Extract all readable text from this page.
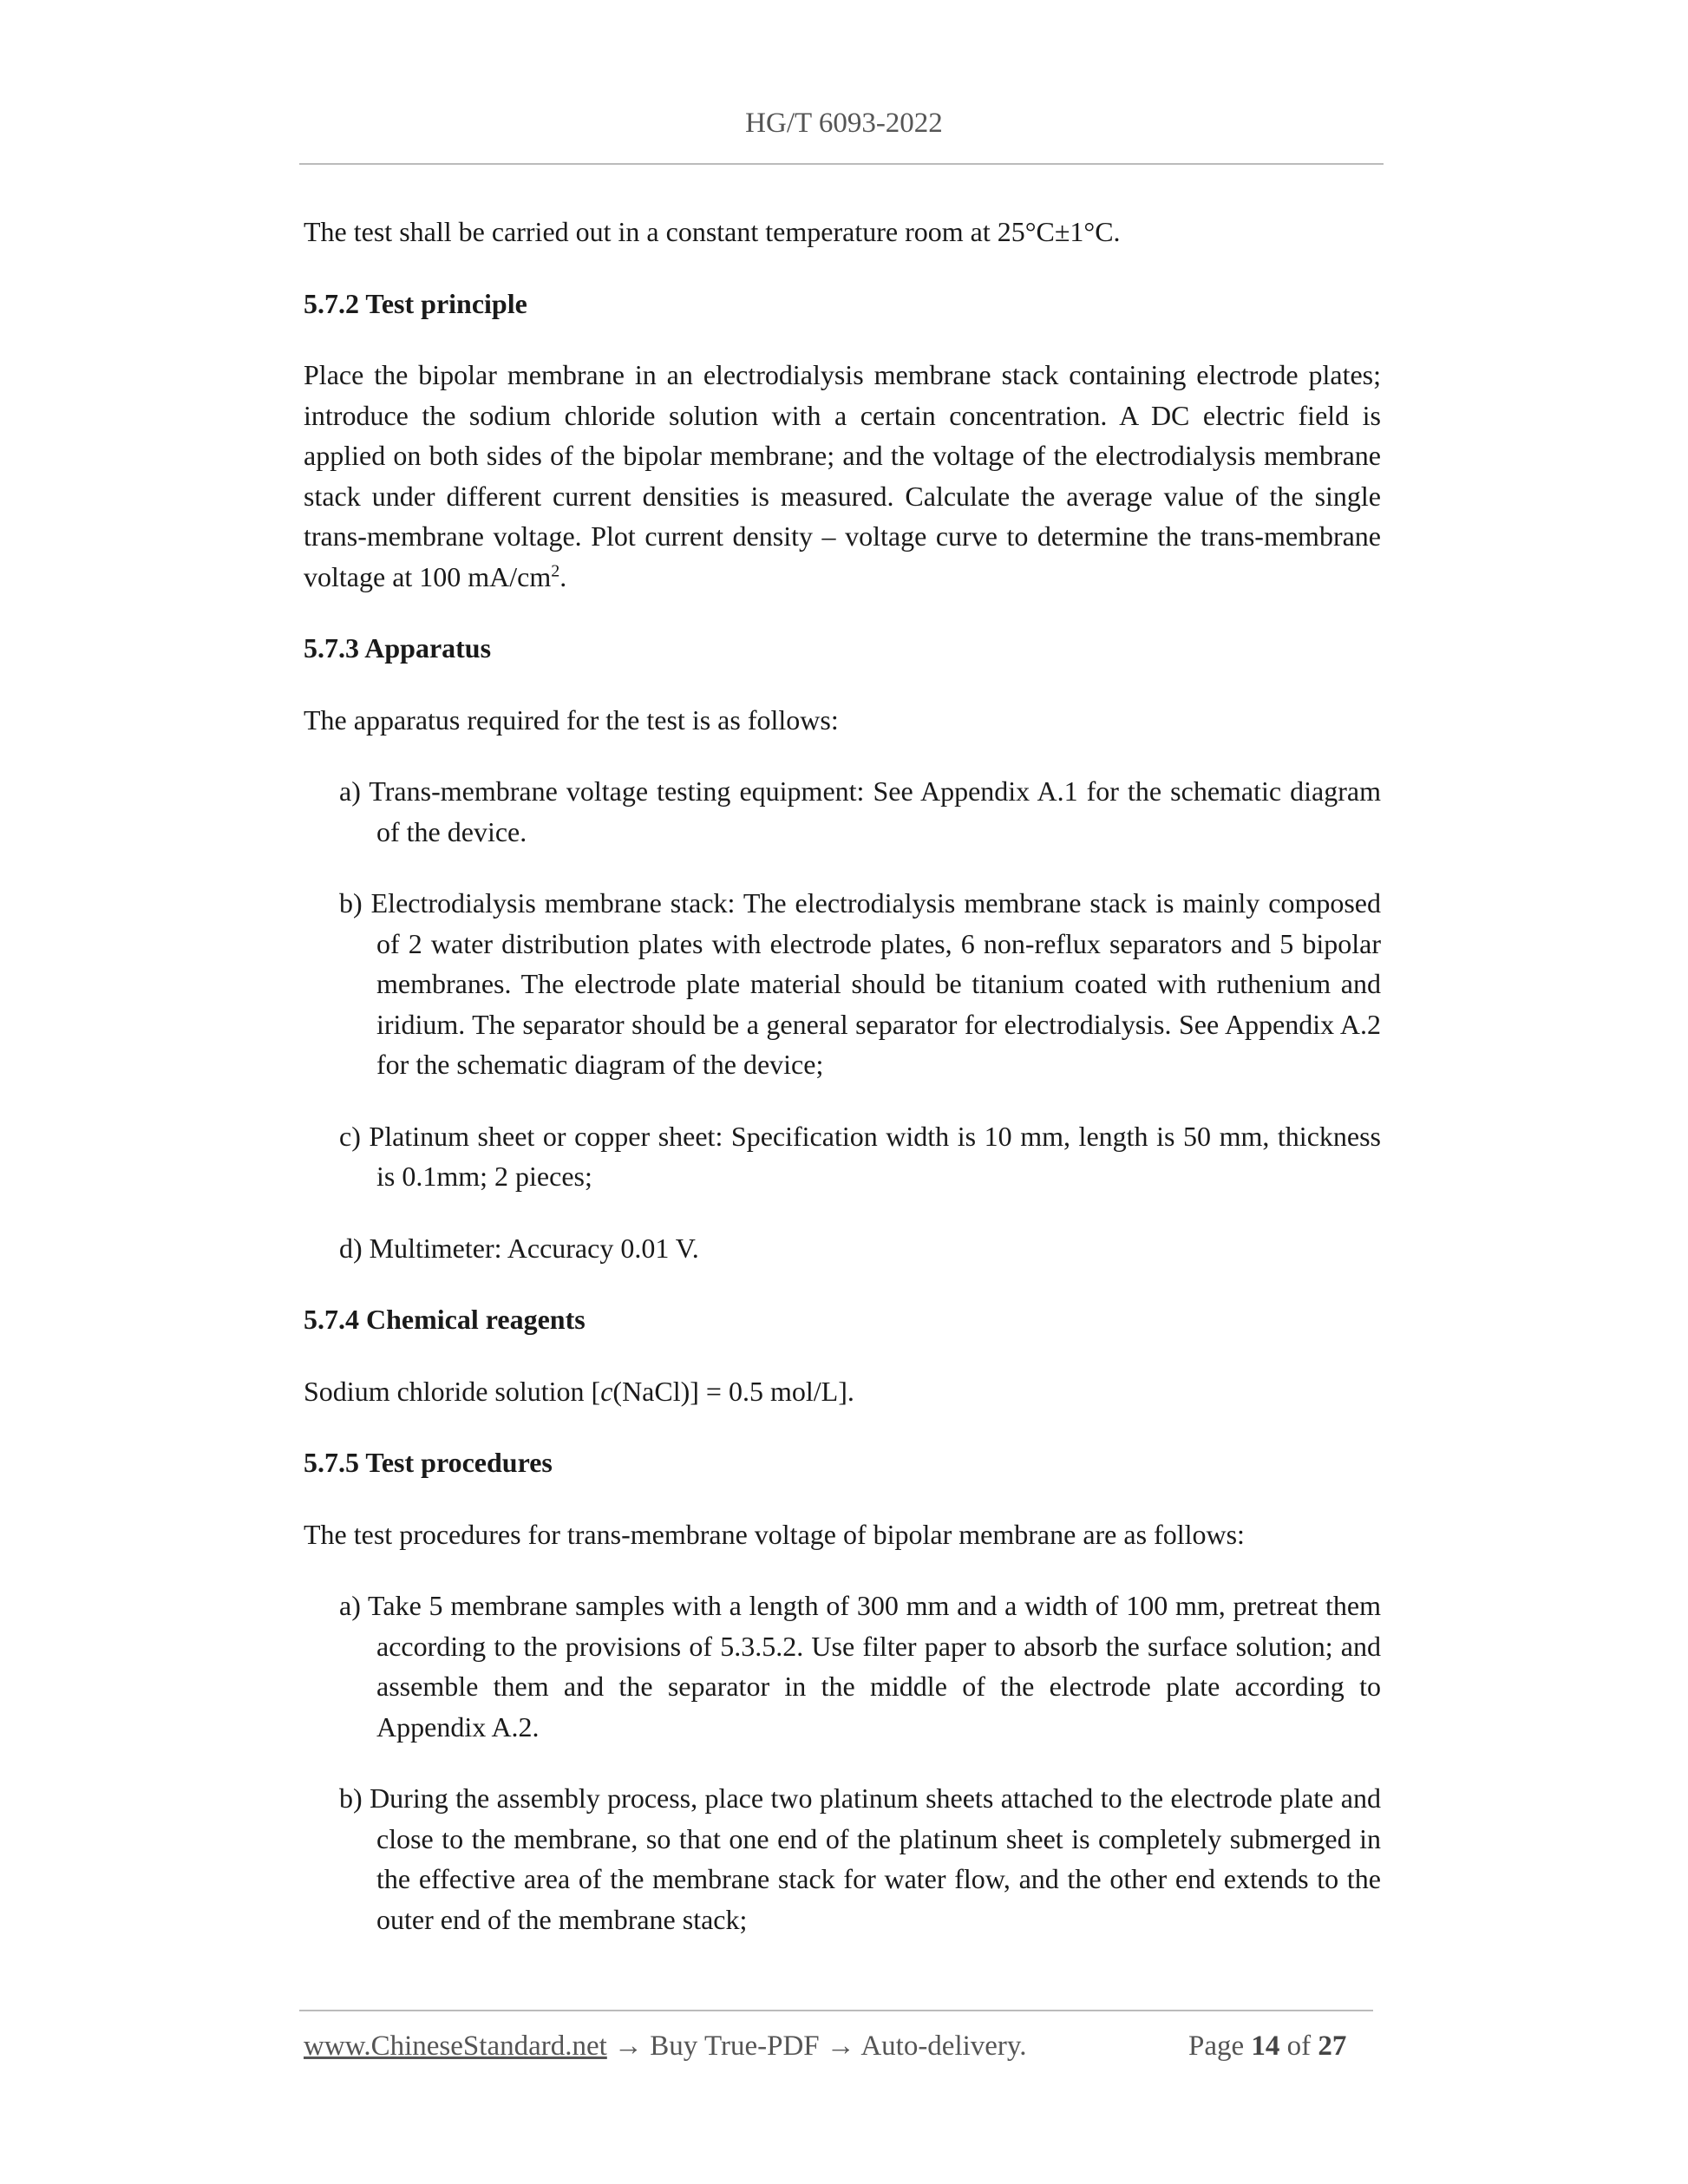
HG/T 6093-2022

The test shall be carried out in a constant temperature room at 25°C±1°C.

5.7.2 Test principle

Place the bipolar membrane in an electrodialysis membrane stack containing electrode plates; introduce the sodium chloride solution with a certain concentration. A DC electric field is applied on both sides of the bipolar membrane; and the voltage of the electrodialysis membrane stack under different current densities is measured. Calculate the average value of the single trans-membrane voltage. Plot current density – voltage curve to determine the trans-membrane voltage at 100 $mA/cm^2$.

5.7.3 Apparatus

The apparatus required for the test is as follows:

a) Trans-membrane voltage testing equipment: See Appendix A.1 for the schematic diagram of the device.

b) Electrodialysis membrane stack: The electrodialysis membrane stack is mainly composed of 2 water distribution plates with electrode plates, 6 non-reflux separators and 5 bipolar membranes. The electrode plate material should be titanium coated with ruthenium and iridium. The separator should be a general separator for electrodialysis. See Appendix A.2 for the schematic diagram of the device;

c) Platinum sheet or copper sheet: Specification width is 10 mm, length is 50 mm, thickness is 0.1mm; 2 pieces;

d) Multimeter: Accuracy 0.01 V.

5.7.4 Chemical reagents

Sodium chloride solution [c(NaCl)] = 0.5 mol/L].

5.7.5 Test procedures

The test procedures for trans-membrane voltage of bipolar membrane are as follows:

a) Take 5 membrane samples with a length of 300 mm and a width of 100 mm, pretreat them according to the provisions of 5.3.5.2. Use filter paper to absorb the surface solution; and assemble them and the separator in the middle of the electrode plate according to Appendix A.2.

b) During the assembly process, place two platinum sheets attached to the electrode plate and close to the membrane, so that one end of the platinum sheet is completely submerged in the effective area of the membrane stack for water flow, and the other end extends to the outer end of the membrane stack;

www.ChineseStandard.net → Buy True-PDF → Auto-delivery.	Page 14 of 27
